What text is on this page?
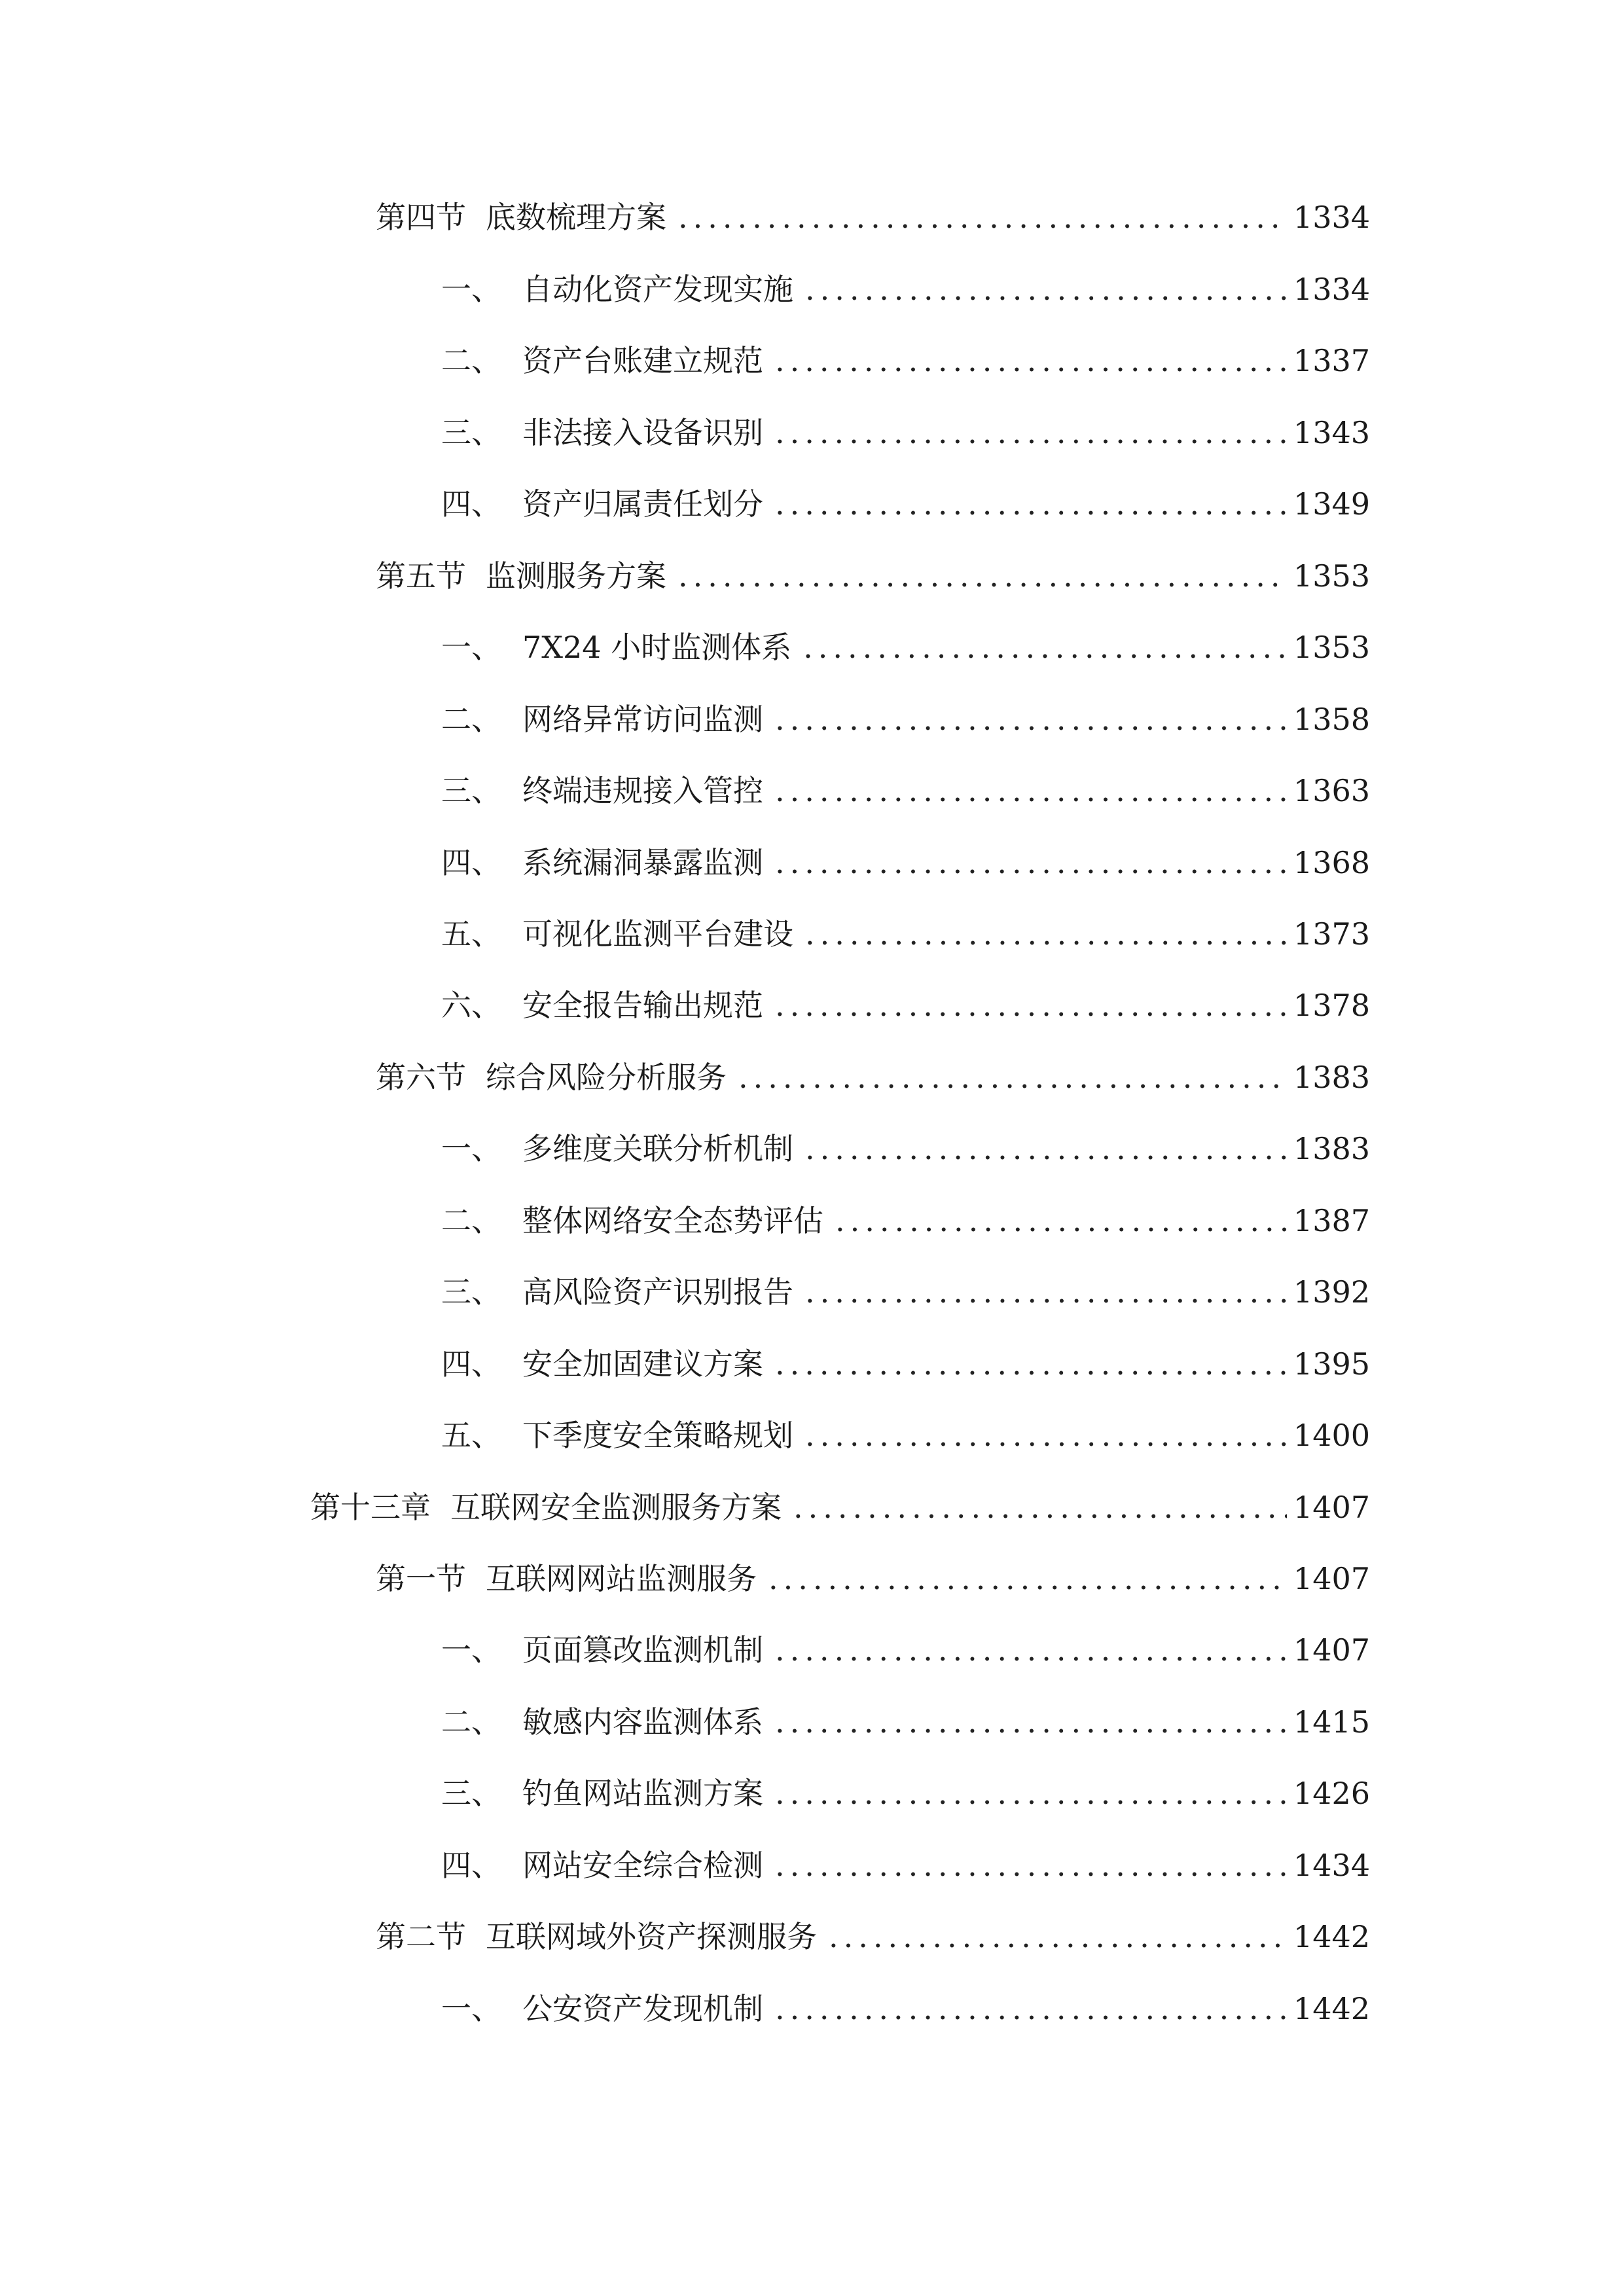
第四节 底数梳理方案 .....	1334
一、 自动化资产发现实施 .....	1334
二、 资产台账建立规范 .....	1337
三、 非法接入设备识别 .....	1343
四、 资产归属责任划分 .....	1349
第五节 监测服务方案 .....	1353
一、 7X24 小时监测体系 .....	1353
二、 网络异常访问监测 .....	1358
三、 终端违规接入管控 .....	1363
四、 系统漏洞暴露监测 .....	1368
五、 可视化监测平台建设 .....	1373
六、 安全报告输出规范 .....	1378
第六节 综合风险分析服务 .....	1383
一、 多维度关联分析机制 .....	1383
二、 整体网络安全态势评估 .....	1387
三、 高风险资产识别报告 .....	1392
四、 安全加固建议方案 .....	1395
五、 下季度安全策略规划 .....	1400
第十三章 互联网安全监测服务方案 .....	1407
第一节 互联网网站监测服务 .....	1407
一、 页面篡改监测机制 .....	1407
二、 敏感内容监测体系 .....	1415
三、 钓鱼网站监测方案 .....	1426
四、 网站安全综合检测 .....	1434
第二节 互联网域外资产探测服务 .....	1442
一、 公安资产发现机制 .....	1442
